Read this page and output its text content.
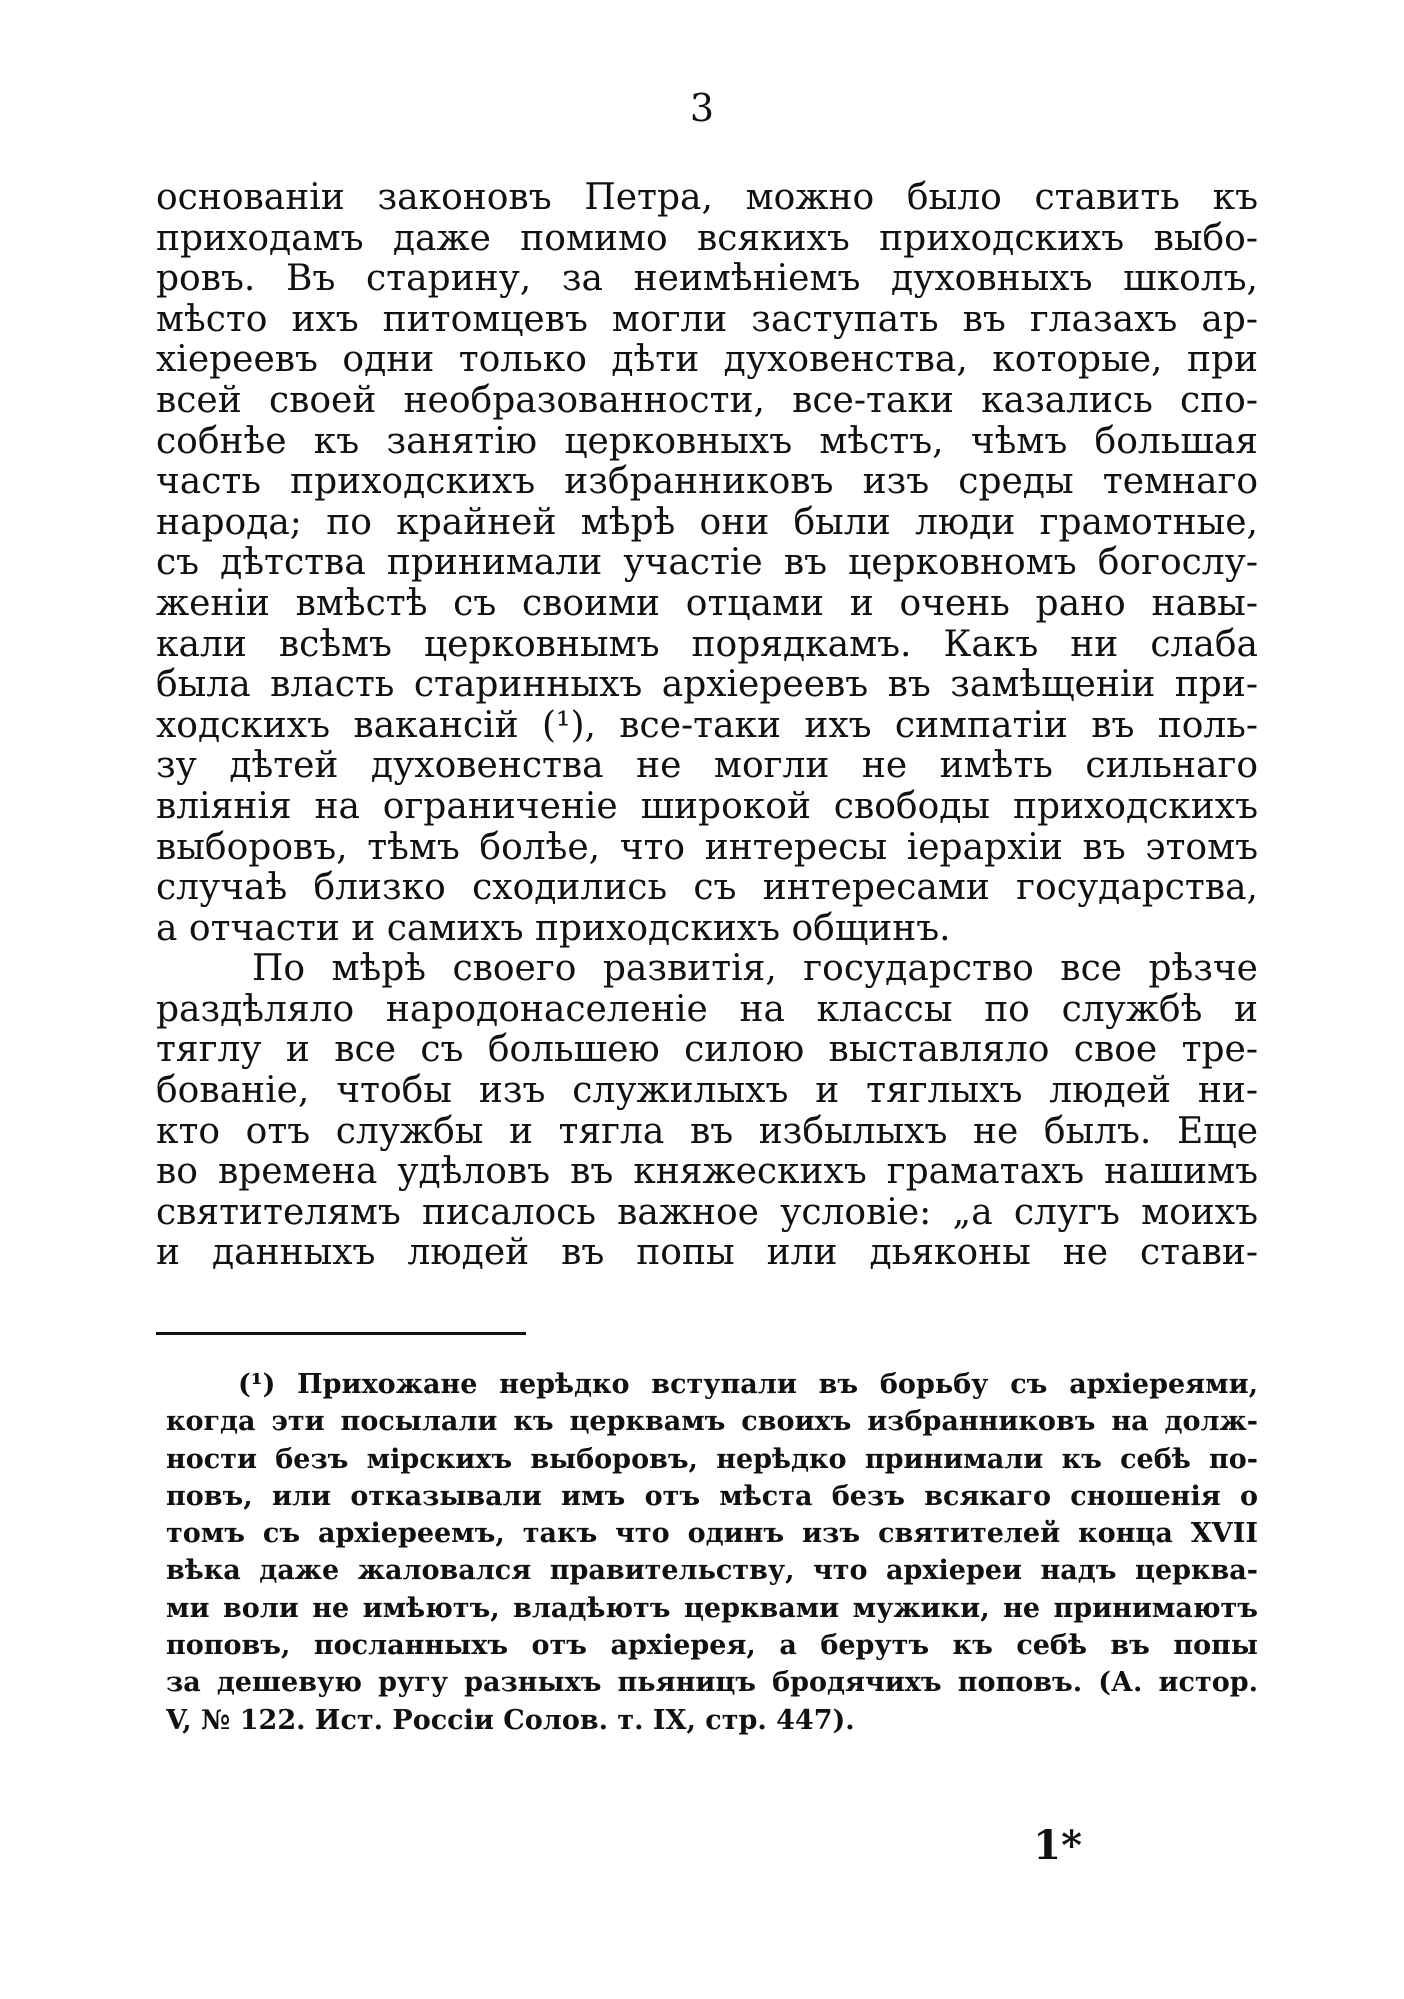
3
основанiи законовъ Петра, можно было ставить къ
приходамъ даже помимо всякихъ приходскихъ выбо-
ровъ. Въ старину, за неимѣнiемъ духовныхъ школъ,
мѣсто ихъ питомцевъ могли заступать въ глазахъ ар-
хiереевъ одни только дѣти духовенства, которые, при
всей своей необразованности, все-таки казались спо-
собнѣе къ занятiю церковныхъ мѣстъ, чѣмъ большая
часть приходскихъ избранниковъ изъ среды темнаго
народа; по крайней мѣрѣ они были люди грамотные,
съ дѣтства принимали участiе въ церковномъ богослу-
женiи вмѣстѣ съ своими отцами и очень рано навы-
кали всѣмъ церковнымъ порядкамъ. Какъ ни слаба
была власть старинныхъ архiереевъ въ замѣщенiи при-
ходскихъ вакансiй (¹), все-таки ихъ симпатiи въ поль-
зу дѣтей духовенства не могли не имѣть сильнаго
влiянiя на ограниченiе широкой свободы приходскихъ
выборовъ, тѣмъ болѣе, что интересы iерархiи въ этомъ
случаѣ близко сходились съ интересами государства,
а отчасти и самихъ приходскихъ общинъ.
По мѣрѣ своего развитiя, государство все рѣзче
раздѣляло народонаселенiе на классы по службѣ и
тяглу и все съ большею силою выставляло свое тре-
бованiе, чтобы изъ служилыхъ и тяглыхъ людей ни-
кто отъ службы и тягла въ избылыхъ не былъ. Еще
во времена удѣловъ въ княжескихъ граматахъ нашимъ
святителямъ писалось важное условiе: „а слугъ моихъ
и данныхъ людей въ попы или дьяконы не стави-
(¹) Прихожане нерѣдко вступали въ борьбу съ архiереями,
когда эти посылали къ церквамъ своихъ избранниковъ на долж-
ности безъ мiрскихъ выборовъ, нерѣдко принимали къ себѣ по-
повъ, или отказывали имъ отъ мѣста безъ всякаго сношенiя о
томъ съ архiереемъ, такъ что одинъ изъ святителей конца XVII
вѣка даже жаловался правительству, что архiереи надъ церква-
ми воли не имѣютъ, владѣютъ церквами мужики, не принимаютъ
поповъ, посланныхъ отъ архiерея, а берутъ къ себѣ въ попы
за дешевую ругу разныхъ пьяницъ бродячихъ поповъ. (А. истор.
V, № 122. Ист. Россiи Солов. т. IX, стр. 447).
1*
